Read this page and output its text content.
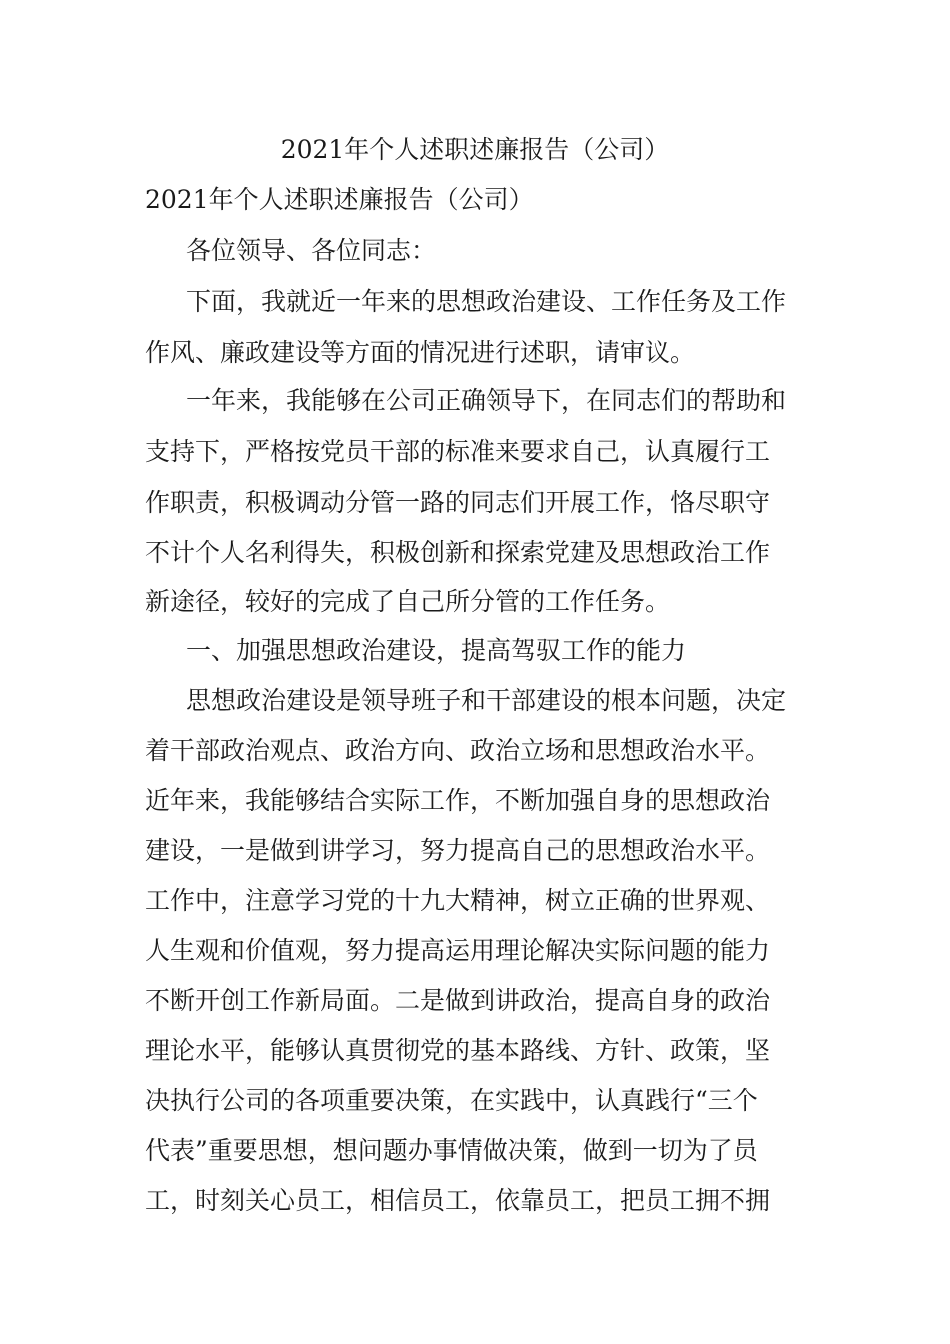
2021年个人述职述廉报告（公司）
2021年个人述职述廉报告（公司）
各位领导、各位同志：
下面，我就近一年来的思想政治建设、工作任务及工作
作风、廉政建设等方面的情况进行述职，请审议。
一年来，我能够在公司正确领导下，在同志们的帮助和
支持下，严格按党员干部的标准来要求自己，认真履行工
作职责，积极调动分管一路的同志们开展工作，恪尽职守
不计个人名利得失，积极创新和探索党建及思想政治工作
新途径，较好的完成了自己所分管的工作任务。
一、加强思想政治建设，提高驾驭工作的能力
思想政治建设是领导班子和干部建设的根本问题，决定
着干部政治观点、政治方向、政治立场和思想政治水平。
近年来，我能够结合实际工作，不断加强自身的思想政治
建设，一是做到讲学习，努力提高自己的思想政治水平。
工作中，注意学习党的十九大精神，树立正确的世界观、
人生观和价值观，努力提高运用理论解决实际问题的能力
不断开创工作新局面。二是做到讲政治，提高自身的政治
理论水平，能够认真贯彻党的基本路线、方针、政策，坚
决执行公司的各项重要决策，在实践中，认真践行“三个
代表”重要思想，想问题办事情做决策，做到一切为了员
工，时刻关心员工，相信员工，依靠员工，把员工拥不拥
